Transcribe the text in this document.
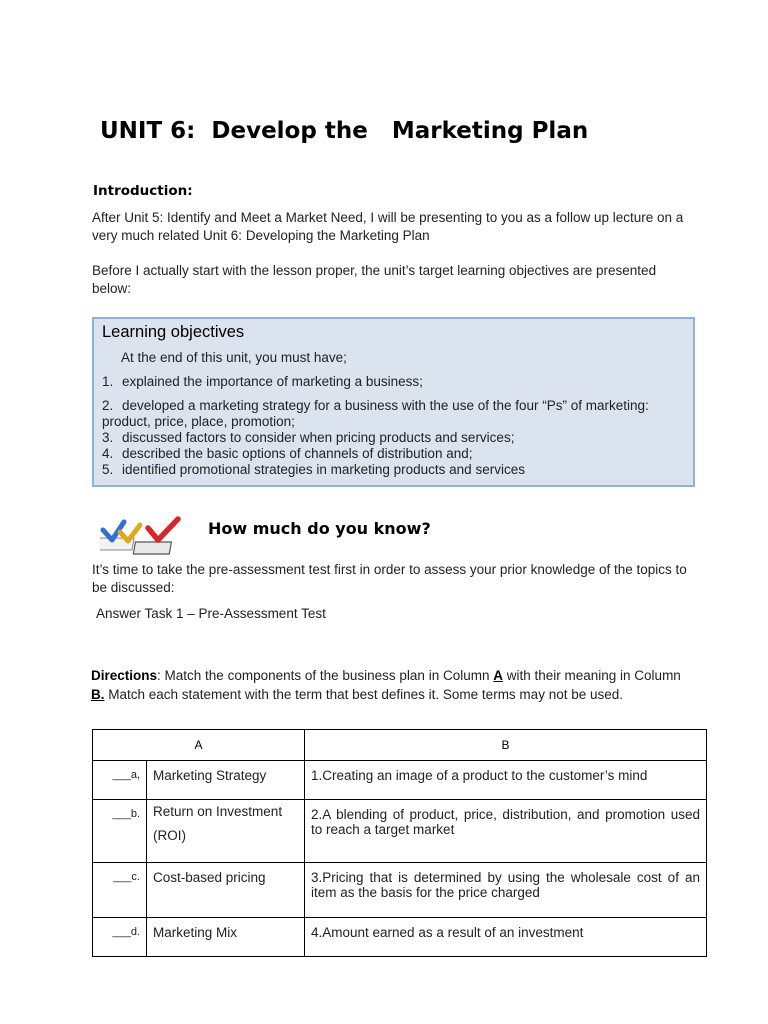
UNIT 6:  Develop the   Marketing Plan
Introduction:
After Unit 5: Identify and Meet a Market Need, I will be presenting to you as a follow up lecture on a very much related Unit 6: Developing the Marketing Plan
Before I actually start with the lesson proper, the unit’s target learning objectives are presented below:
Learning objectives
At the end of this unit, you must have;
1. explained the importance of marketing a business;
2. developed a marketing strategy for a business with the use of the four “Ps” of marketing: product, price, place, promotion;
3. discussed factors to consider when pricing products and services;
4. described the basic options of channels of distribution and;
5. identified promotional strategies in marketing products and services
How much do you know?
It’s time to take the pre-assessment test first in order to assess your prior knowledge of the topics to be discussed:
Answer Task 1 – Pre-Assessment Test
Directions: Match the components of the business plan in Column A with their meaning in Column B. Match each statement with the term that best defines it. Some terms may not be used.
A		B
___a,	Marketing Strategy	1.Creating an image of a product to the customer’s mind
___b.	Return on Investment (ROI)	2.A blending of product, price, distribution, and promotion used to reach a target market
___c.	Cost-based pricing	3.Pricing that is determined by using the wholesale cost of an item as the basis for the price charged
___d.	Marketing Mix	4.Amount earned as a result of an investment
